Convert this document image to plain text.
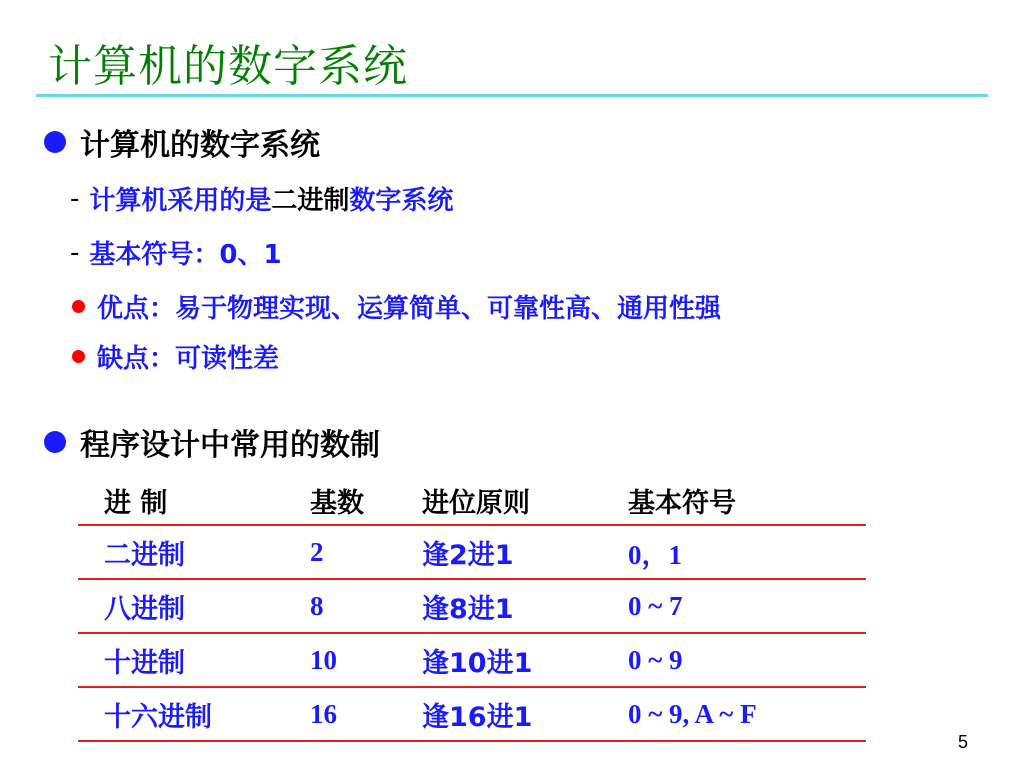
计算机的数字系统
计算机的数字系统
- 计算机采用的是 二进制 数字系统
- 基本符号：0、1
优点：易于物理实现、运算简单、可靠性高、通用性强
缺点：可读性差
程序设计中常用的数制
进 制	基数	进位原则	基本符号
二进制	2	逢2进1	0，1
八进制	8	逢8进1	0 ~ 7
十进制	10	逢10进1	0 ~ 9
十六进制	16	逢16进1	0 ~ 9, A ~ F
5
